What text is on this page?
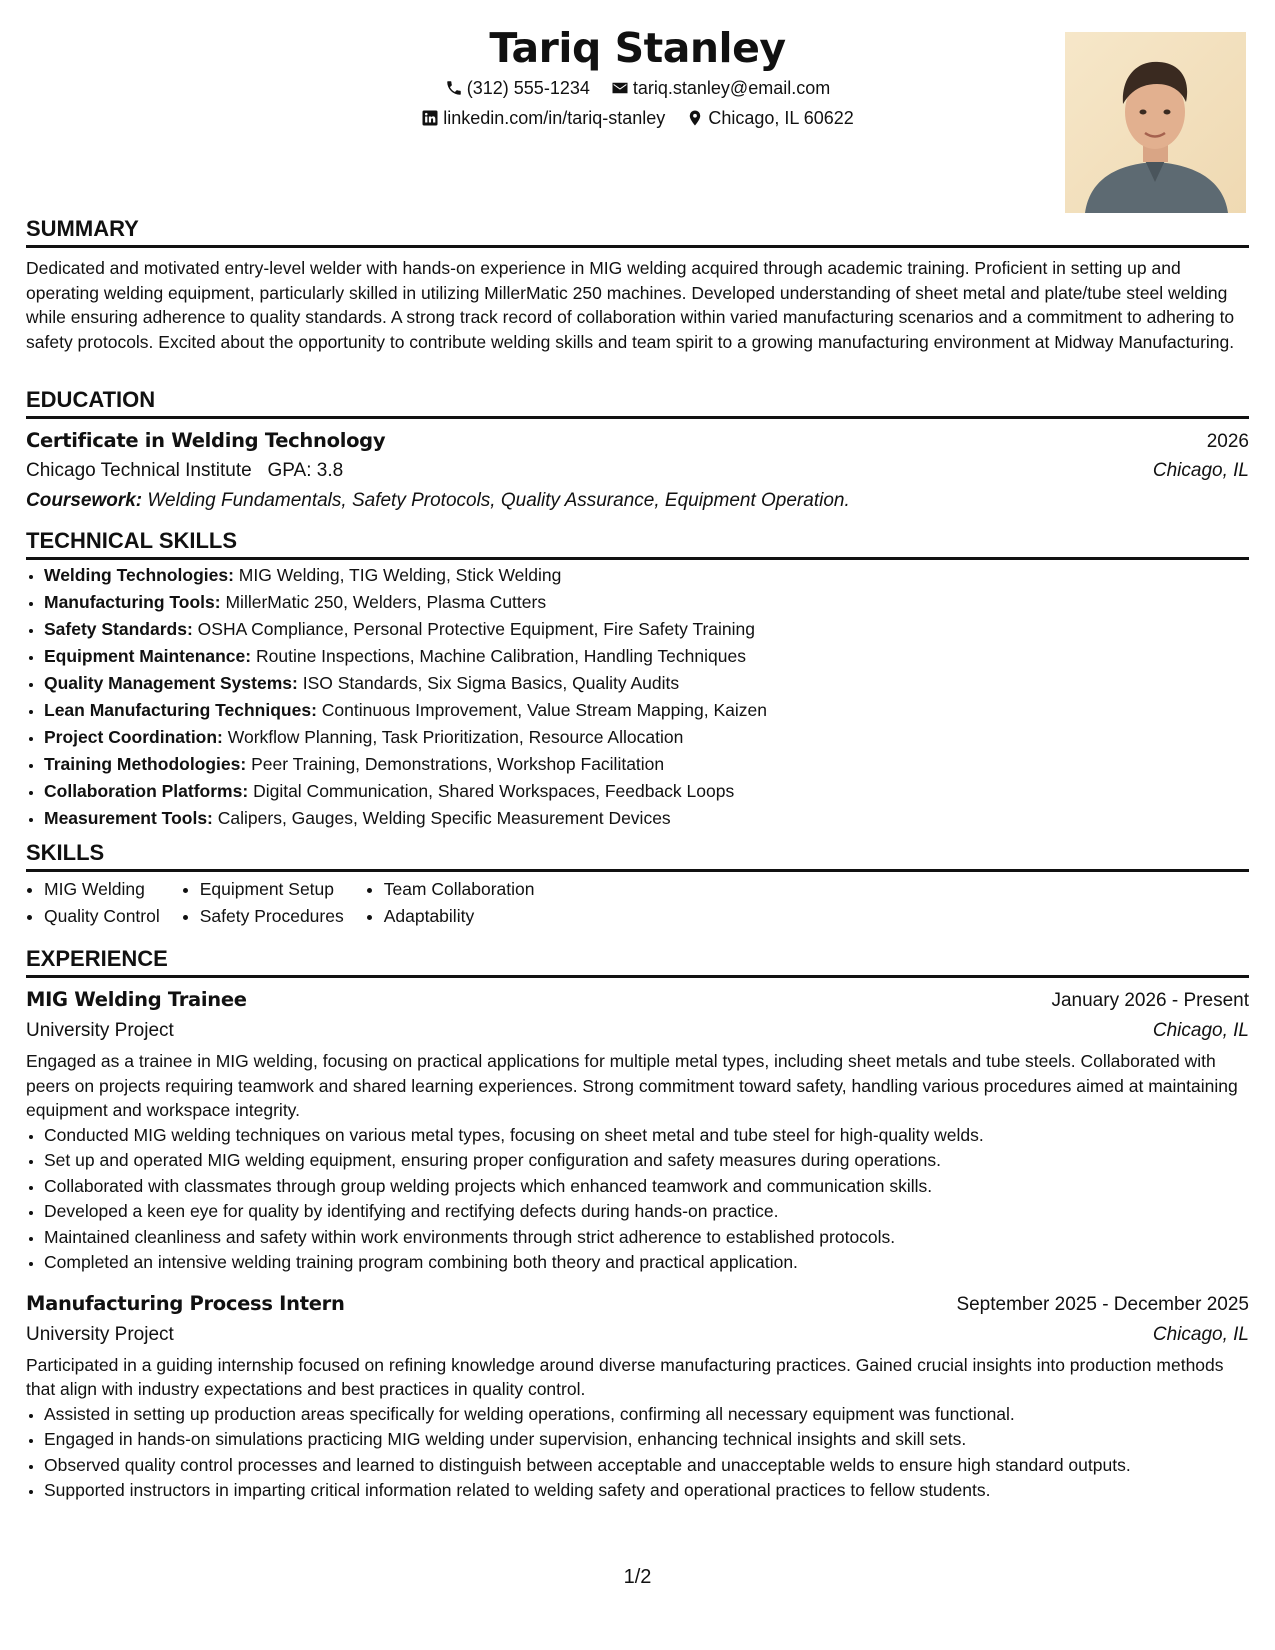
Tariq Stanley
(312) 555-1234
tariq.stanley@email.com
linkedin.com/in/tariq-stanley
Chicago, IL 60622
SUMMARY

Dedicated and motivated entry-level welder with hands-on experience in MIG welding acquired through academic training. Proficient in setting up and operating welding equipment, particularly skilled in utilizing MillerMatic 250 machines. Developed understanding of sheet metal and plate/tube steel welding while ensuring adherence to quality standards. A strong track record of collaboration within varied manufacturing scenarios and a commitment to adhering to safety protocols. Excited about the opportunity to contribute welding skills and team spirit to a growing manufacturing environment at Midway Manufacturing.

EDUCATION
Certificate in Welding Technology	2026
Chicago Technical Institute GPA: 3.8	Chicago, IL
Coursework: Welding Fundamentals, Safety Protocols, Quality Assurance, Equipment Operation.
TECHNICAL SKILLS
• Welding Technologies: MIG Welding, TIG Welding, Stick Welding
• Manufacturing Tools: MillerMatic 250, Welders, Plasma Cutters
• Safety Standards: OSHA Compliance, Personal Protective Equipment, Fire Safety Training
• Equipment Maintenance: Routine Inspections, Machine Calibration, Handling Techniques
• Quality Management Systems: ISO Standards, Six Sigma Basics, Quality Audits
• Lean Manufacturing Techniques: Continuous Improvement, Value Stream Mapping, Kaizen
• Project Coordination: Workflow Planning, Task Prioritization, Resource Allocation
• Training Methodologies: Peer Training, Demonstrations, Workshop Facilitation
• Collaboration Platforms: Digital Communication, Shared Workspaces, Feedback Loops
• Measurement Tools: Calipers, Gauges, Welding Specific Measurement Devices
SKILLS
• MIG Welding
• Quality Control
• Equipment Setup
• Safety Procedures
• Team Collaboration
• Adaptability
EXPERIENCE
MIG Welding Trainee	January 2026 - Present
University Project	Chicago, IL

Engaged as a trainee in MIG welding, focusing on practical applications for multiple metal types, including sheet metals and tube steels. Collaborated with peers on projects requiring teamwork and shared learning experiences. Strong commitment toward safety, handling various procedures aimed at maintaining equipment and workspace integrity.

• Conducted MIG welding techniques on various metal types, focusing on sheet metal and tube steel for high-quality welds.
• Set up and operated MIG welding equipment, ensuring proper configuration and safety measures during operations.
• Collaborated with classmates through group welding projects which enhanced teamwork and communication skills.
• Developed a keen eye for quality by identifying and rectifying defects during hands-on practice.
• Maintained cleanliness and safety within work environments through strict adherence to established protocols.
• Completed an intensive welding training program combining both theory and practical application.
Manufacturing Process Intern	September 2025 - December 2025
University Project	Chicago, IL

Participated in a guiding internship focused on refining knowledge around diverse manufacturing practices. Gained crucial insights into production methods that align with industry expectations and best practices in quality control.

• Assisted in setting up production areas specifically for welding operations, confirming all necessary equipment was functional.
• Engaged in hands-on simulations practicing MIG welding under supervision, enhancing technical insights and skill sets.
• Observed quality control processes and learned to distinguish between acceptable and unacceptable welds to ensure high standard outputs.
• Supported instructors in imparting critical information related to welding safety and operational practices to fellow students.
1/2
